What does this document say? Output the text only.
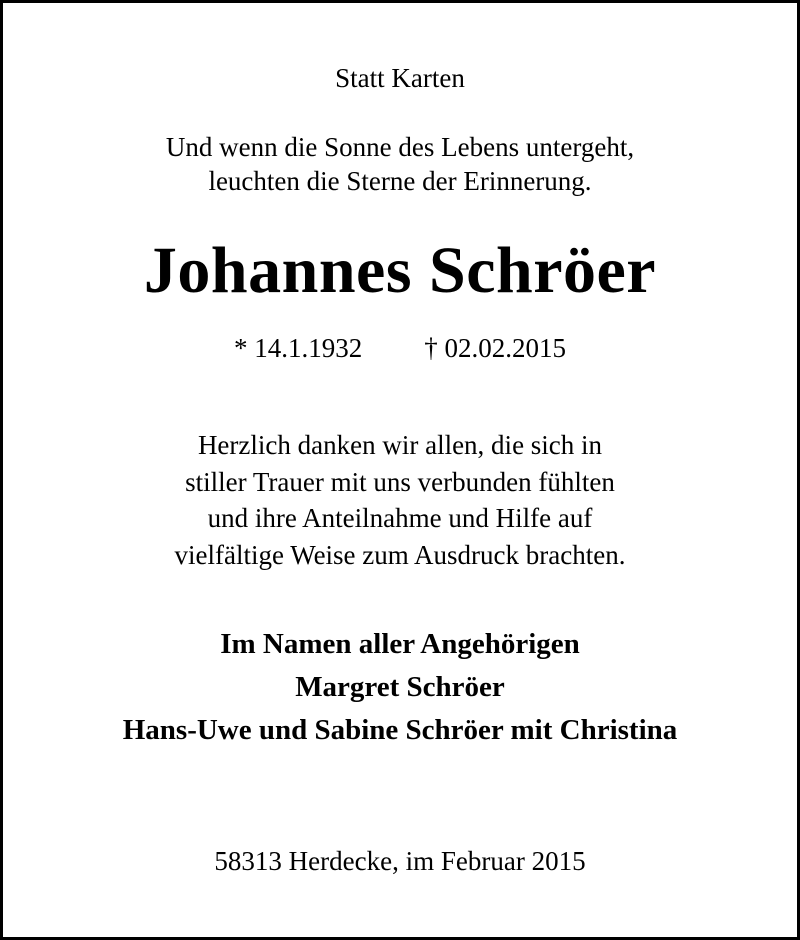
Statt Karten
Und wenn die Sonne des Lebens untergeht,
leuchten die Sterne der Erinnerung.
Johannes Schröer
* 14.1.1932 † 02.02.2015
Herzlich danken wir allen, die sich in
stiller Trauer mit uns verbunden fühlten
und ihre Anteilnahme und Hilfe auf
vielfältige Weise zum Ausdruck brachten.
Im Namen aller Angehörigen
Margret Schröer
Hans-Uwe und Sabine Schröer mit Christina
58313 Herdecke, im Februar 2015
